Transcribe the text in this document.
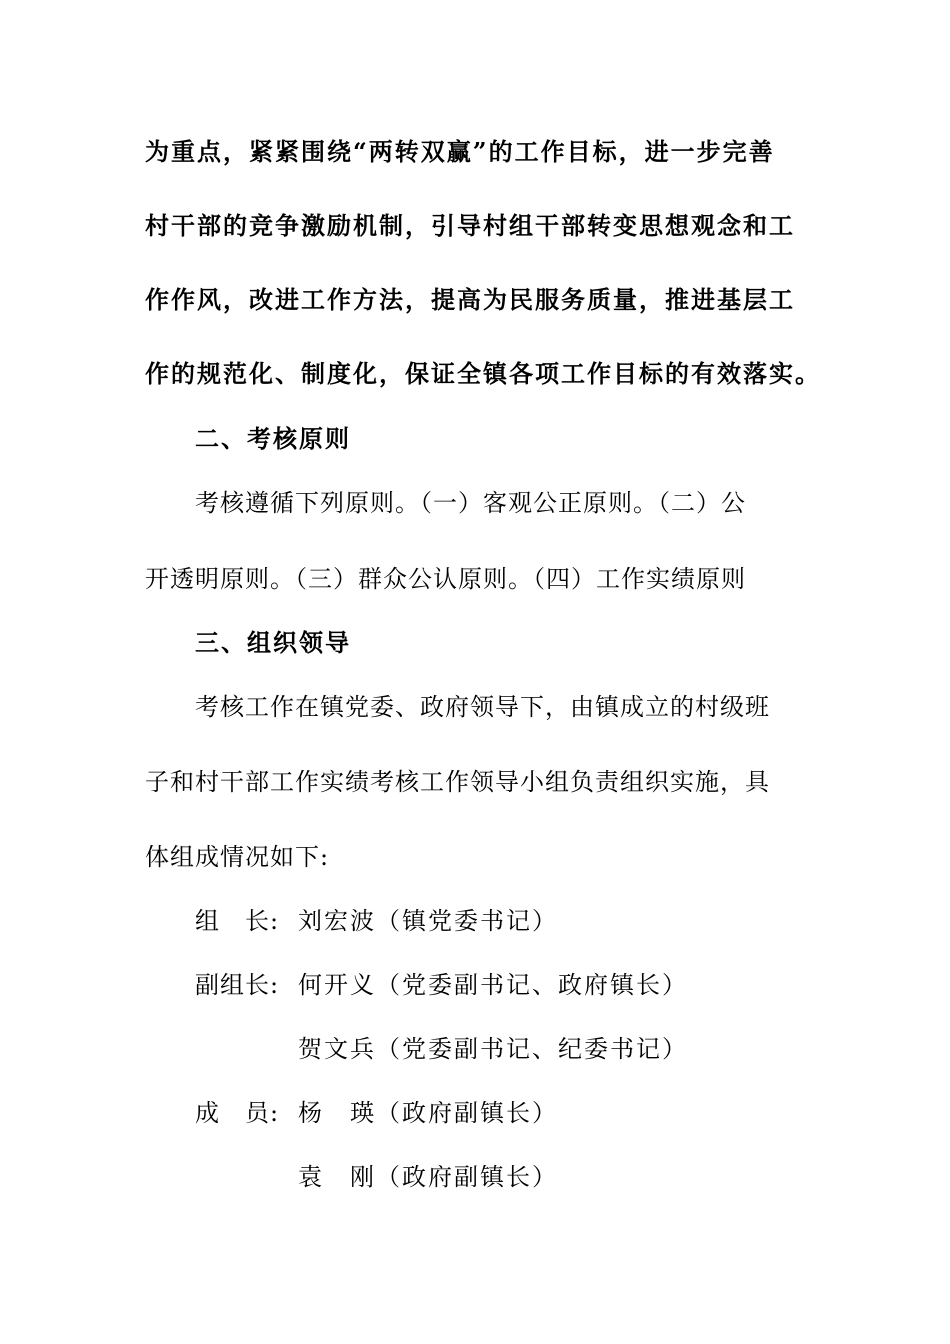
为重点，紧紧围绕“两转双赢”的工作目标，进一步完善
村干部的竞争激励机制，引导村组干部转变思想观念和工
作作风，改进工作方法，提高为民服务质量，推进基层工
作的规范化、制度化，保证全镇各项工作目标的有效落实。
二、考核原则
考核遵循下列原则。（一）客观公正原则。（二）公
开透明原则。（三）群众公认原则。（四）工作实绩原则
三、组织领导
考核工作在镇党委、政府领导下，由镇成立的村级班
子和村干部工作实绩考核工作领导小组负责组织实施，具
体组成情况如下:
组　长: 刘宏波（镇党委书记）
副组长: 何开义（党委副书记、政府镇长）
贺文兵（党委副书记、纪委书记）
成　员: 杨　瑛（政府副镇长）
袁　刚（政府副镇长）
